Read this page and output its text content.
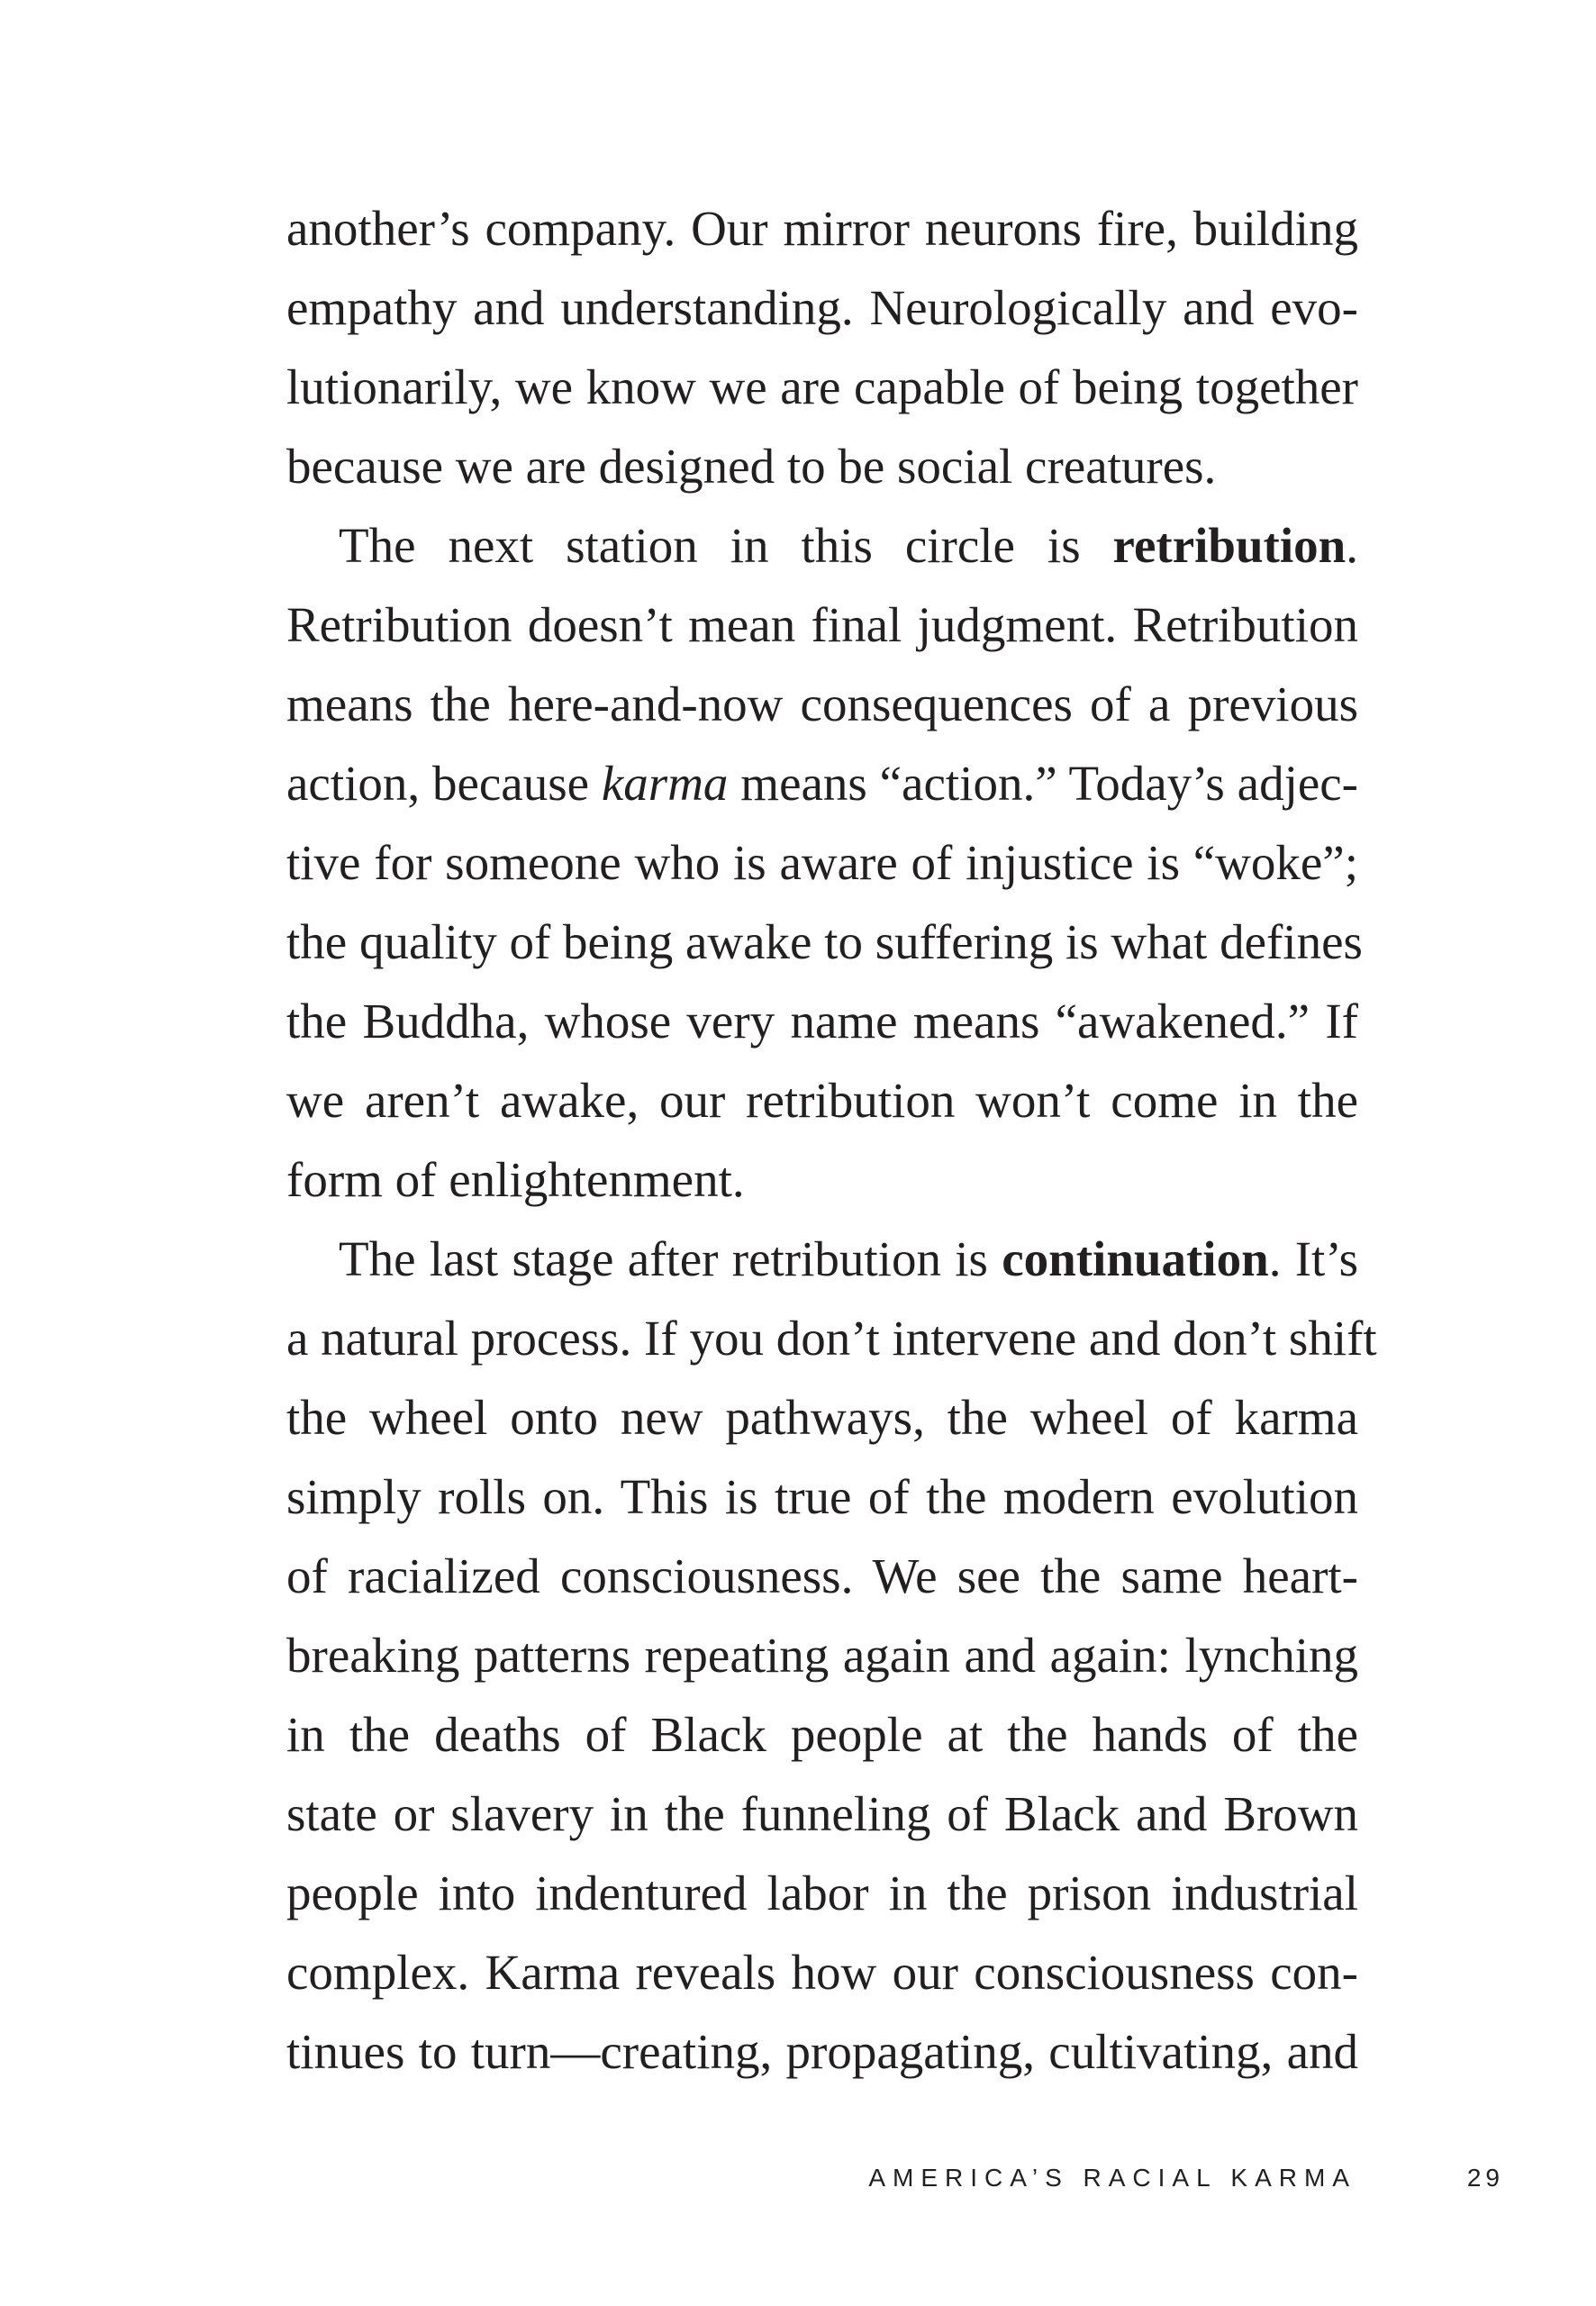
another’s company. Our mirror neurons fire, building
empathy and understanding. Neurologically and evo-
lutionarily, we know we are capable of being together
because we are designed to be social creatures.
The next station in this circle is retribution.
Retribution doesn’t mean final judgment. Retribution
means the here-and-now consequences of a previous
action, because karma means “action.” Today’s adjec-
tive for someone who is aware of injustice is “woke”;
the quality of being awake to suffering is what defines
the Buddha, whose very name means “awakened.” If
we aren’t awake, our retribution won’t come in the
form of enlightenment.
The last stage after retribution is continuation. It’s
a natural process. If you don’t intervene and don’t shift
the wheel onto new pathways, the wheel of karma
simply rolls on. This is true of the modern evolution
of racialized consciousness. We see the same heart-
breaking patterns repeating again and again: lynching
in the deaths of Black people at the hands of the
state or slavery in the funneling of Black and Brown
people into indentured labor in the prison industrial
complex. Karma reveals how our consciousness con-
tinues to turn—creating, propagating, cultivating, and
AMERICA’S RACIAL KARMA	29
